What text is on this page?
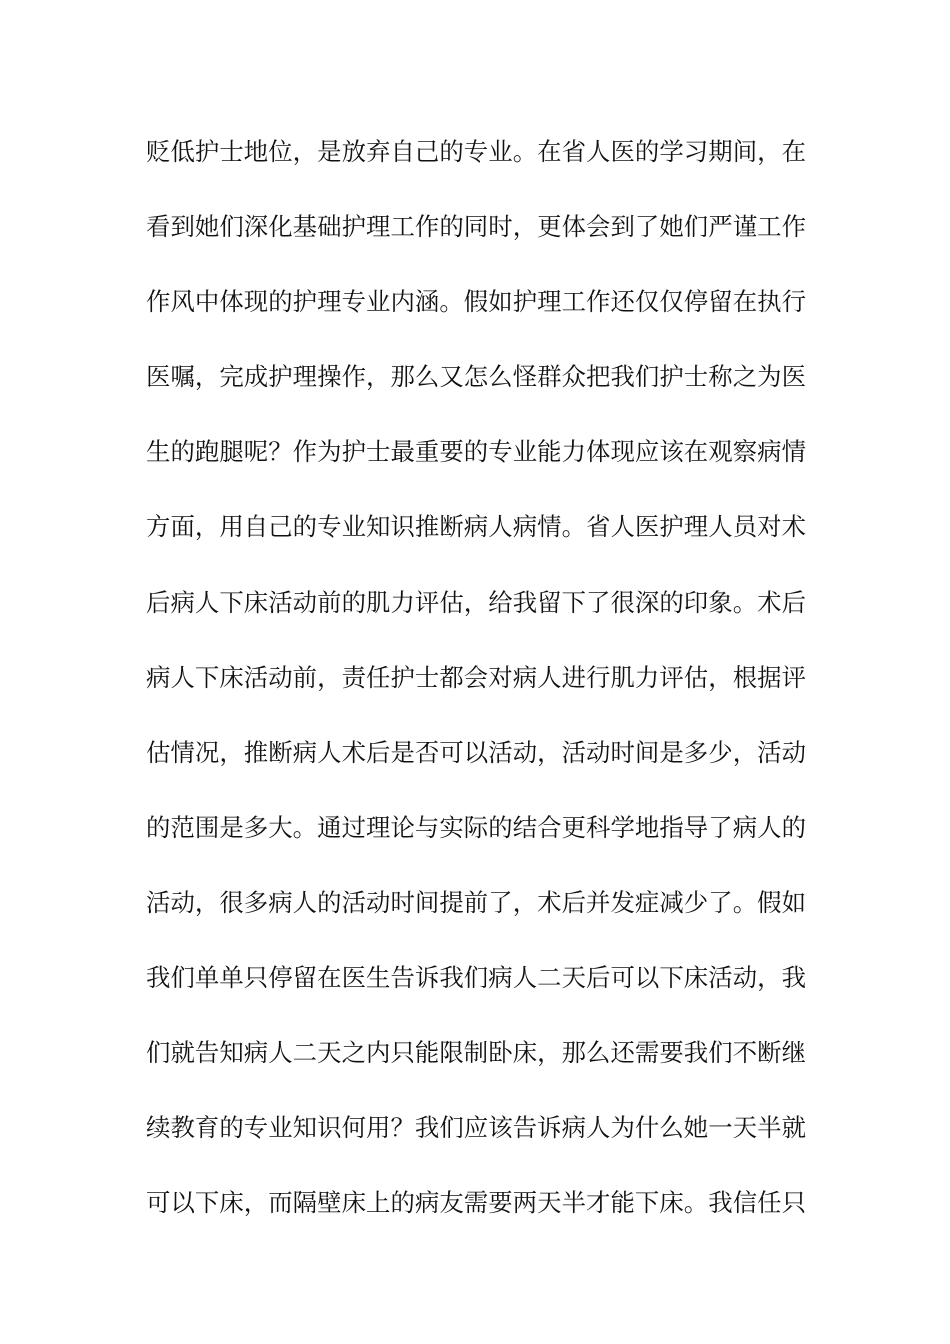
贬低护士地位，是放弃自己的专业。在省人医的学习期间，在
看到她们深化基础护理工作的同时，更体会到了她们严谨工作
作风中体现的护理专业内涵。假如护理工作还仅仅停留在执行
医嘱，完成护理操作，那么又怎么怪群众把我们护士称之为医
生的跑腿呢？作为护士最重要的专业能力体现应该在观察病情
方面，用自己的专业知识推断病人病情。省人医护理人员对术
后病人下床活动前的肌力评估，给我留下了很深的印象。术后
病人下床活动前，责任护士都会对病人进行肌力评估，根据评
估情况，推断病人术后是否可以活动，活动时间是多少，活动
的范围是多大。通过理论与实际的结合更科学地指导了病人的
活动，很多病人的活动时间提前了，术后并发症减少了。假如
我们单单只停留在医生告诉我们病人二天后可以下床活动，我
们就告知病人二天之内只能限制卧床，那么还需要我们不断继
续教育的专业知识何用？我们应该告诉病人为什么她一天半就
可以下床，而隔壁床上的病友需要两天半才能下床。我信任只
